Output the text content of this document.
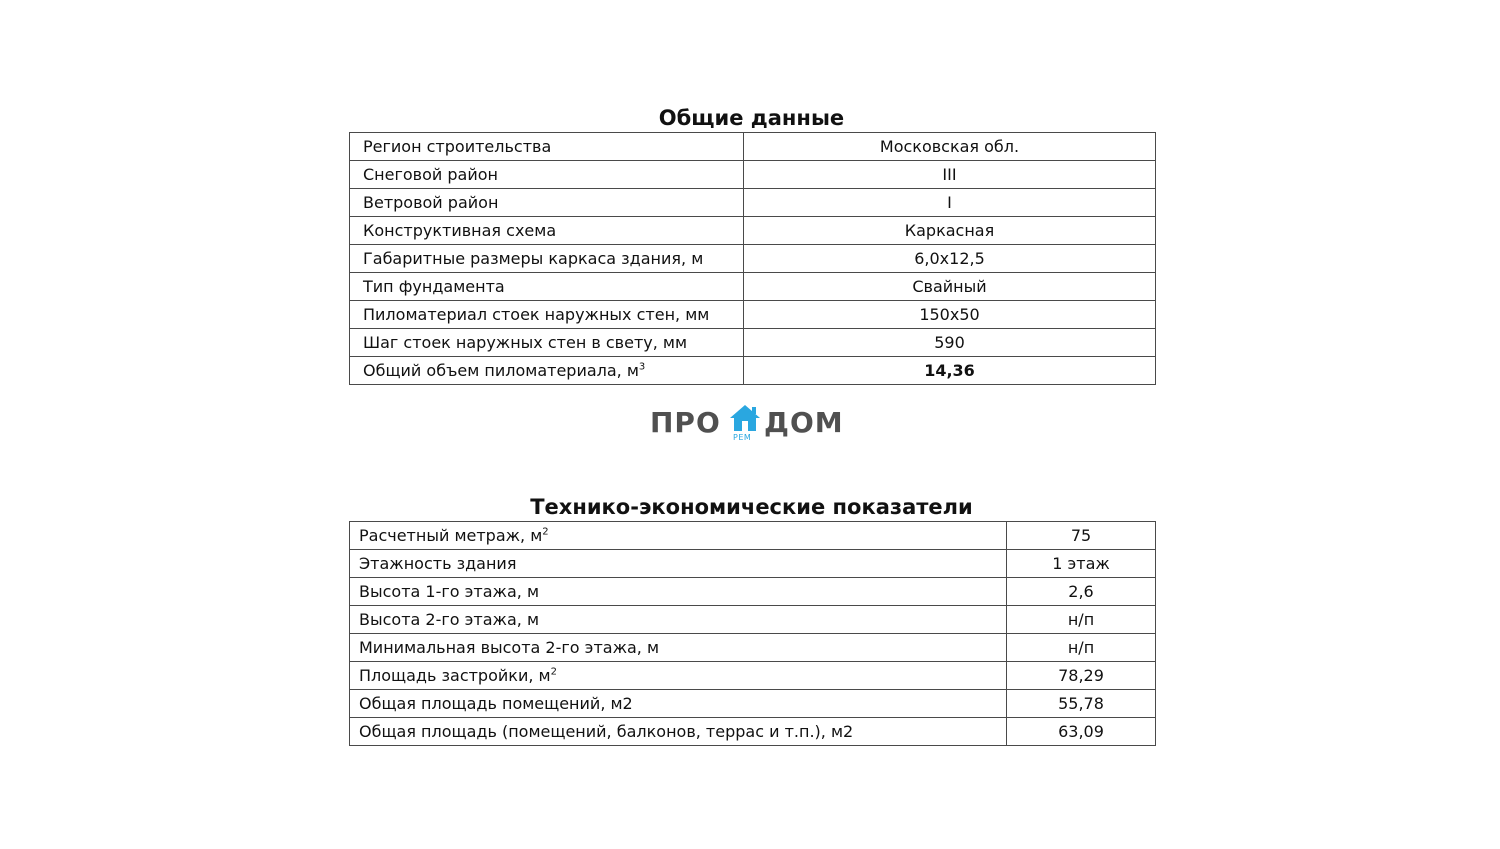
Общие данные
Регион строительства	Московская обл.
Снеговой район	III
Ветровой район	I
Конструктивная схема	Каркасная
Габаритные размеры каркаса здания, м	6,0х12,5
Тип фундамента	Свайный
Пиломатериал стоек наружных стен, мм	150х50
Шаг стоек наружных стен в свету, мм	590
Общий объем пиломатериала, $м^3$	14,36
ПРО РЕМ ДОМ
Технико-экономические показатели
Расчетный метраж, $м^2$	75
Этажность здания	1 этаж
Высота 1-го этажа, м	2,6
Высота 2-го этажа, м	н/п
Минимальная высота 2-го этажа, м	н/п
Площадь застройки, $м^2$	78,29
Общая площадь помещений, м2	55,78
Общая площадь (помещений, балконов, террас и т.п.), м2	63,09
